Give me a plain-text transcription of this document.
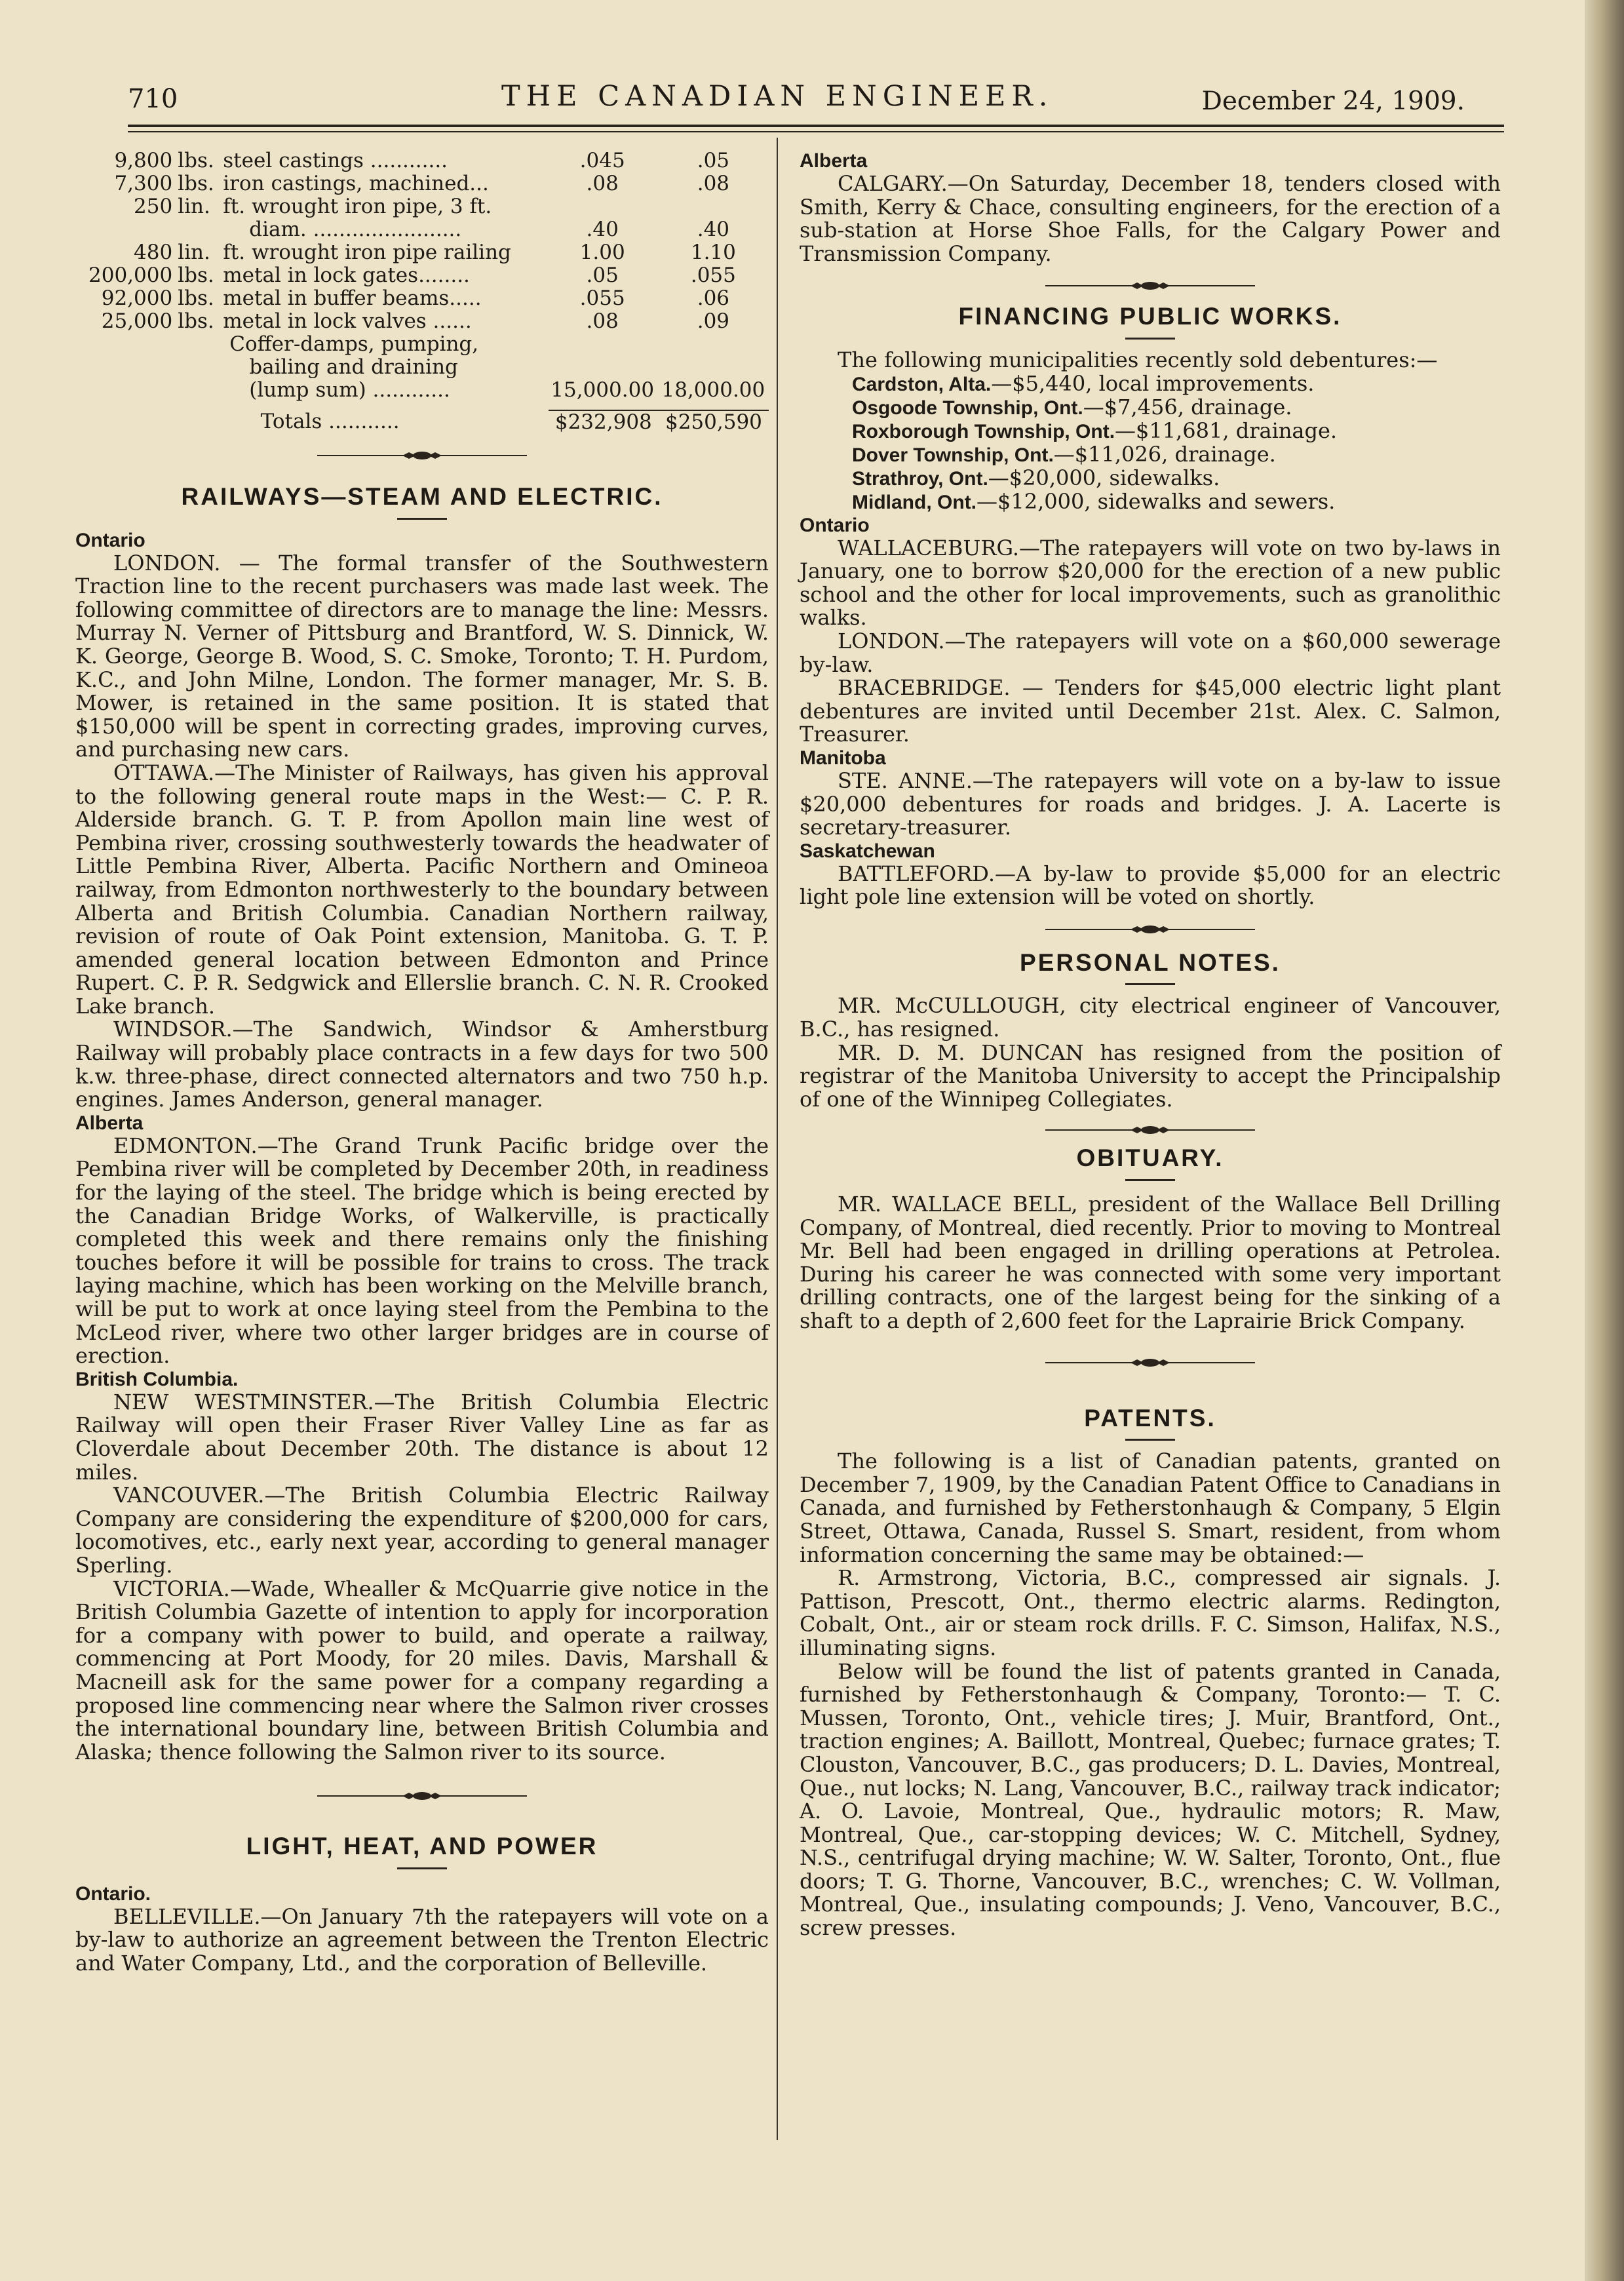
710	THE CANADIAN ENGINEER.	December 24, 1909.
9,800	lbs.	steel castings ............	.045	.05
7,300	lbs.	iron castings, machined...	.08	.08
250	lin.	ft. wrought iron pipe, 3 ft.		
		diam. .......................	.40	.40
480	lin.	ft. wrought iron pipe railing	1.00	1.10
200,000	lbs.	metal in lock gates........	.05	.055
92,000	lbs.	metal in buffer beams.....	.055	.06
25,000	lbs.	metal in lock valves ......	.08	.09
		Coffer-damps, pumping,		
		bailing and draining		
		(lump sum) ............	15,000.00	18,000.00
		Totals ...........	$232,908	$250,590

RAILWAYS—STEAM AND ELECTRIC.

Ontario

LONDON. — The formal transfer of the Southwestern Traction line to the recent purchasers was made last week. The following committee of directors are to manage the line: Messrs. Murray N. Verner of Pittsburg and Brantford, W. S. Dinnick, W. K. George, George B. Wood, S. C. Smoke, Toronto; T. H. Purdom, K.C., and John Milne, London. The former manager, Mr. S. B. Mower, is retained in the same position. It is stated that $150,000 will be spent in correcting grades, improving curves, and purchasing new cars.

OTTAWA.—The Minister of Railways, has given his approval to the following general route maps in the West:— C. P. R. Alderside branch. G. T. P. from Apollon main line west of Pembina river, crossing southwesterly towards the headwater of Little Pembina River, Alberta. Pacific Northern and Omineoa railway, from Edmonton northwesterly to the boundary between Alberta and British Columbia. Canadian Northern railway, revision of route of Oak Point extension, Manitoba. G. T. P. amended general location between Edmonton and Prince Rupert. C. P. R. Sedgwick and Ellerslie branch. C. N. R. Crooked Lake branch.

WINDSOR.—The Sandwich, Windsor & Amherstburg Railway will probably place contracts in a few days for two 500 k.w. three-phase, direct connected alternators and two 750 h.p. engines. James Anderson, general manager.

Alberta

EDMONTON.—The Grand Trunk Pacific bridge over the Pembina river will be completed by December 20th, in readiness for the laying of the steel. The bridge which is being erected by the Canadian Bridge Works, of Walkerville, is practically completed this week and there remains only the finishing touches before it will be possible for trains to cross. The track laying machine, which has been working on the Melville branch, will be put to work at once laying steel from the Pembina to the McLeod river, where two other larger bridges are in course of erection.

British Columbia.

NEW WESTMINSTER.—The British Columbia Electric Railway will open their Fraser River Valley Line as far as Cloverdale about December 20th. The distance is about 12 miles.

VANCOUVER.—The British Columbia Electric Railway Company are considering the expenditure of $200,000 for cars, locomotives, etc., early next year, according to general manager Sperling.

VICTORIA.—Wade, Whealler & McQuarrie give notice in the British Columbia Gazette of intention to apply for incorporation for a company with power to build, and operate a railway, commencing at Port Moody, for 20 miles. Davis, Marshall & Macneill ask for the same power for a company regarding a proposed line commencing near where the Salmon river crosses the international boundary line, between British Columbia and Alaska; thence following the Salmon river to its source.

LIGHT, HEAT, AND POWER

Ontario.

BELLEVILLE.—On January 7th the ratepayers will vote on a by-law to authorize an agreement between the Trenton Electric and Water Company, Ltd., and the corporation of Belleville.

Alberta

CALGARY.—On Saturday, December 18, tenders closed with Smith, Kerry & Chace, consulting engineers, for the erection of a sub-station at Horse Shoe Falls, for the Calgary Power and Transmission Company.

FINANCING PUBLIC WORKS.

The following municipalities recently sold debentures:—

Cardston, Alta.—$5,440, local improvements.
Osgoode Township, Ont.—$7,456, drainage.
Roxborough Township, Ont.—$11,681, drainage.
Dover Township, Ont.—$11,026, drainage.
Strathroy, Ont.—$20,000, sidewalks.
Midland, Ont.—$12,000, sidewalks and sewers.
Ontario

WALLACEBURG.—The ratepayers will vote on two by-laws in January, one to borrow $20,000 for the erection of a new public school and the other for local improvements, such as granolithic walks.

LONDON.—The ratepayers will vote on a $60,000 sewerage by-law.

BRACEBRIDGE. — Tenders for $45,000 electric light plant debentures are invited until December 21st. Alex. C. Salmon, Treasurer.

Manitoba

STE. ANNE.—The ratepayers will vote on a by-law to issue $20,000 debentures for roads and bridges. J. A. Lacerte is secretary-treasurer.

Saskatchewan

BATTLEFORD.—A by-law to provide $5,000 for an electric light pole line extension will be voted on shortly.

PERSONAL NOTES.

MR. McCULLOUGH, city electrical engineer of Vancouver, B.C., has resigned.

MR. D. M. DUNCAN has resigned from the position of registrar of the Manitoba University to accept the Principalship of one of the Winnipeg Collegiates.

OBITUARY.

MR. WALLACE BELL, president of the Wallace Bell Drilling Company, of Montreal, died recently. Prior to moving to Montreal Mr. Bell had been engaged in drilling operations at Petrolea. During his career he was connected with some very important drilling contracts, one of the largest being for the sinking of a shaft to a depth of 2,600 feet for the Laprairie Brick Company.

PATENTS.

The following is a list of Canadian patents, granted on December 7, 1909, by the Canadian Patent Office to Canadians in Canada, and furnished by Fetherstonhaugh & Company, 5 Elgin Street, Ottawa, Canada, Russel S. Smart, resident, from whom information concerning the same may be obtained:—

R. Armstrong, Victoria, B.C., compressed air signals. J. Pattison, Prescott, Ont., thermo electric alarms. Redington, Cobalt, Ont., air or steam rock drills. F. C. Simson, Halifax, N.S., illuminating signs.

Below will be found the list of patents granted in Canada, furnished by Fetherstonhaugh & Company, Toronto:— T. C. Mussen, Toronto, Ont., vehicle tires; J. Muir, Brantford, Ont., traction engines; A. Baillott, Montreal, Quebec; furnace grates; T. Clouston, Vancouver, B.C., gas producers; D. L. Davies, Montreal, Que., nut locks; N. Lang, Vancouver, B.C., railway track indicator; A. O. Lavoie, Montreal, Que., hydraulic motors; R. Maw, Montreal, Que., car-stopping devices; W. C. Mitchell, Sydney, N.S., centrifugal drying machine; W. W. Salter, Toronto, Ont., flue doors; T. G. Thorne, Vancouver, B.C., wrenches; C. W. Vollman, Montreal, Que., insulating compounds; J. Veno, Vancouver, B.C., screw presses.
